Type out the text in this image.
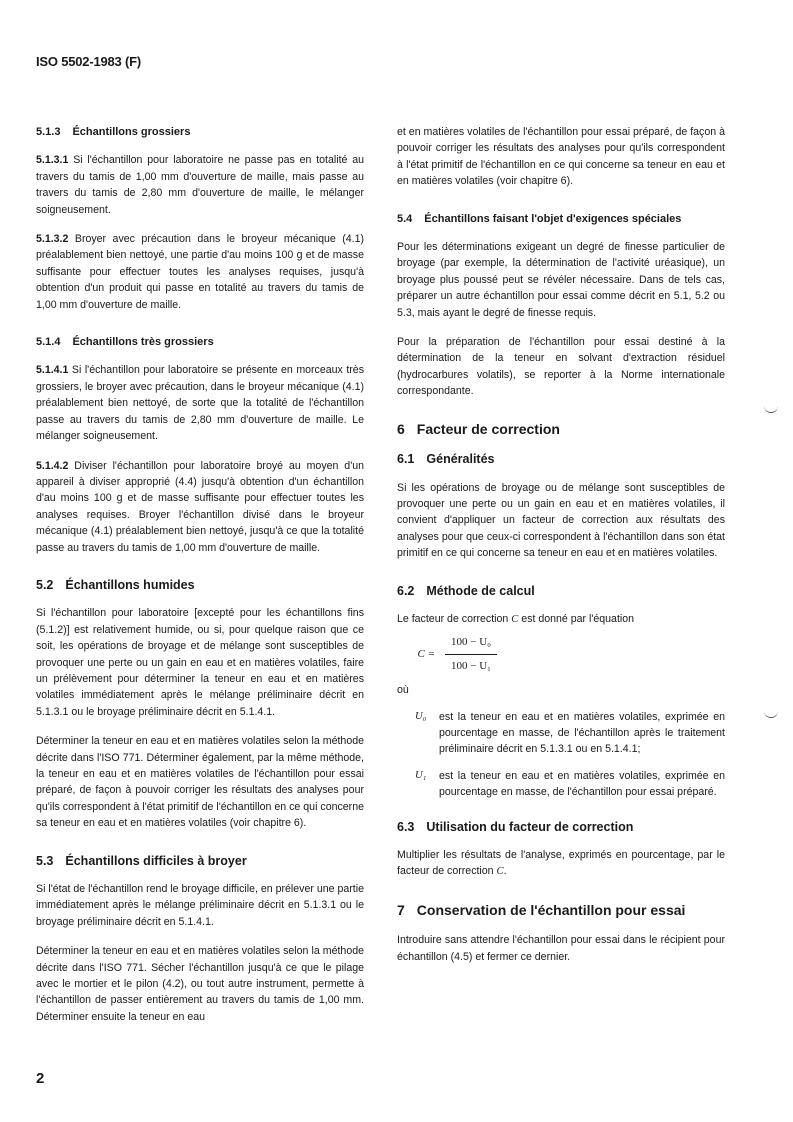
ISO 5502-1983 (F)
5.1.3 Échantillons grossiers

5.1.3.1 Si l'échantillon pour laboratoire ne passe pas en totalité au travers du tamis de 1,00 mm d'ouverture de maille, mais passe au travers du tamis de 2,80 mm d'ouverture de maille, le mélanger soigneusement.

5.1.3.2 Broyer avec précaution dans le broyeur mécanique (4.1) préalablement bien nettoyé, une partie d'au moins 100 g et de masse suffisante pour effectuer toutes les analyses requises, jusqu'à obtention d'un produit qui passe en totalité au travers du tamis de 1,00 mm d'ouverture de maille.

5.1.4 Échantillons très grossiers

5.1.4.1 Si l'échantillon pour laboratoire se présente en morceaux très grossiers, le broyer avec précaution, dans le broyeur mécanique (4.1) préalablement bien nettoyé, de sorte que la totalité de l'échantillon passe au travers du tamis de 2,80 mm d'ouverture de maille. Le mélanger soigneusement.

5.1.4.2 Diviser l'échantillon pour laboratoire broyé au moyen d'un appareil à diviser approprié (4.4) jusqu'à obtention d'un échantillon d'au moins 100 g et de masse suffisante pour effectuer toutes les analyses requises. Broyer l'échantillon divisé dans le broyeur mécanique (4.1) préalablement bien nettoyé, jusqu'à ce que la totalité passe au travers du tamis de 1,00 mm d'ouverture de maille.

5.2 Échantillons humides

Si l'échantillon pour laboratoire [excepté pour les échantillons fins (5.1.2)] est relativement humide, ou si, pour quelque raison que ce soit, les opérations de broyage et de mélange sont susceptibles de provoquer une perte ou un gain en eau et en matières volatiles, faire un prélèvement pour déterminer la teneur en eau et en matières volatiles immédiatement après le mélange préliminaire décrit en 5.1.3.1 ou le broyage préliminaire décrit en 5.1.4.1.

Déterminer la teneur en eau et en matières volatiles selon la méthode décrite dans l'ISO 771. Déterminer également, par la même méthode, la teneur en eau et en matières volatiles de l'échantillon pour essai préparé, de façon à pouvoir corriger les résultats des analyses pour qu'ils correspondent à l'état primitif de l'échantillon en ce qui concerne sa teneur en eau et en matières volatiles (voir chapitre 6).

5.3 Échantillons difficiles à broyer

Si l'état de l'échantillon rend le broyage difficile, en prélever une partie immédiatement après le mélange préliminaire décrit en 5.1.3.1 ou le broyage préliminaire décrit en 5.1.4.1.

Déterminer la teneur en eau et en matières volatiles selon la méthode décrite dans l'ISO 771. Sécher l'échantillon jusqu'à ce que le pilage avec le mortier et le pilon (4.2), ou tout autre instrument, permette à l'échantillon de passer entièrement au travers du tamis de 1,00 mm. Déterminer ensuite la teneur en eau

et en matières volatiles de l'échantillon pour essai préparé, de façon à pouvoir corriger les résultats des analyses pour qu'ils correspondent à l'état primitif de l'échantillon en ce qui concerne sa teneur en eau et en matières volatiles (voir chapitre 6).

5.4 Échantillons faisant l'objet d'exigences spéciales

Pour les déterminations exigeant un degré de finesse particulier de broyage (par exemple, la détermination de l'activité uréasique), un broyage plus poussé peut se révéler nécessaire. Dans de tels cas, préparer un autre échantillon pour essai comme décrit en 5.1, 5.2 ou 5.3, mais ayant le degré de finesse requis.

Pour la préparation de l'échantillon pour essai destiné à la détermination de la teneur en solvant d'extraction résiduel (hydrocarbures volatils), se reporter à la Norme internationale correspondante.

6 Facteur de correction
6.1 Généralités

Si les opérations de broyage ou de mélange sont susceptibles de provoquer une perte ou un gain en eau et en matières volatiles, il convient d'appliquer un facteur de correction aux résultats des analyses pour que ceux-ci correspondent à l'échantillon dans son état primitif en ce qui concerne sa teneur en eau et en matières volatiles.

6.2 Méthode de calcul

Le facteur de correction C est donné par l'équation

$C = \frac{\text{100 − U₀}}{\text{100 − U₁}}$
où
U₀	est la teneur en eau et en matières volatiles, exprimée en pourcentage en masse, de l'échantillon après le traitement préliminaire décrit en 5.1.3.1 ou en 5.1.4.1;
U₁	est la teneur en eau et en matières volatiles, exprimée en pourcentage en masse, de l'échantillon pour essai préparé.
6.3 Utilisation du facteur de correction

Multiplier les résultats de l'analyse, exprimés en pourcentage, par le facteur de correction C.

7 Conservation de l'échantillon pour essai

Introduire sans attendre l'échantillon pour essai dans le récipient pour échantillon (4.5) et fermer ce dernier.

2
